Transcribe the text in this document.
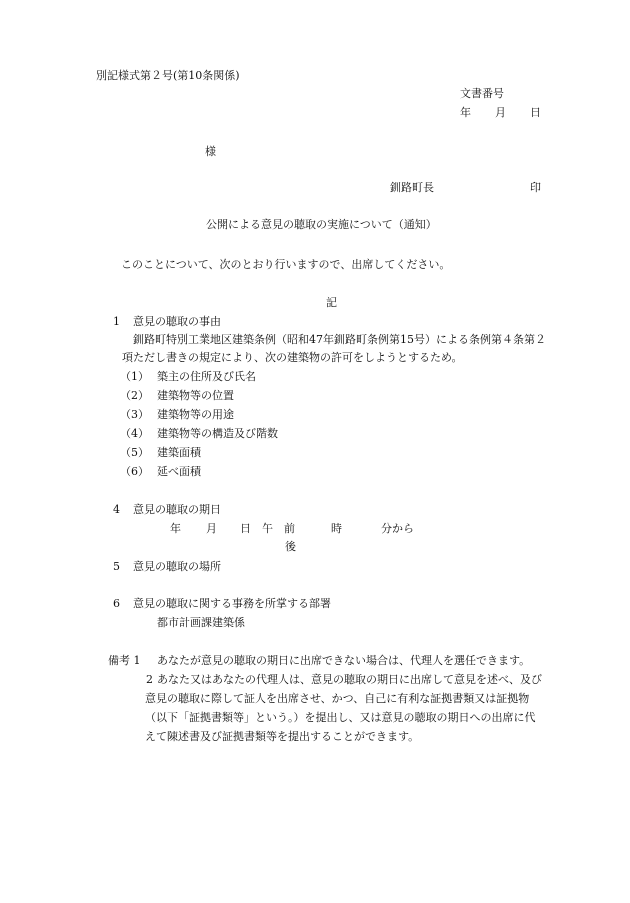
別記様式第２号(第10条関係)
文書番号
年 月 日
様
釧路町長	印
公開による意見の聴取の実施について（通知）
このことについて、次のとおり行いますので、出席してください。
記
1 意見の聴取の事由
釧路町特別工業地区建築条例（昭和47年釧路町条例第15号）による条例第４条第２
項ただし書きの規定により、次の建築物の許可をしようとするため。
（1） 築主の住所及び氏名
（2） 建築物等の位置
（3） 建築物等の用途
（4） 建築物等の構造及び階数
（5） 建築面積
（6） 延べ面積
4 意見の聴取の期日
年 月 日 午　前	時	分から
後
5 意見の聴取の場所
6 意見の聴取に関する事務を所掌する部署
都市計画課建築係
備考 1 あなたが意見の聴取の期日に出席できない場合は、代理人を選任できます。
2 あなた又はあなたの代理人は、意見の聴取の期日に出席して意見を述べ、及び
意見の聴取に際して証人を出席させ、かつ、自己に有利な証拠書類又は証拠物
（以下「証拠書類等」という。）を提出し、又は意見の聴取の期日への出席に代
えて陳述書及び証拠書類等を提出することができます。
